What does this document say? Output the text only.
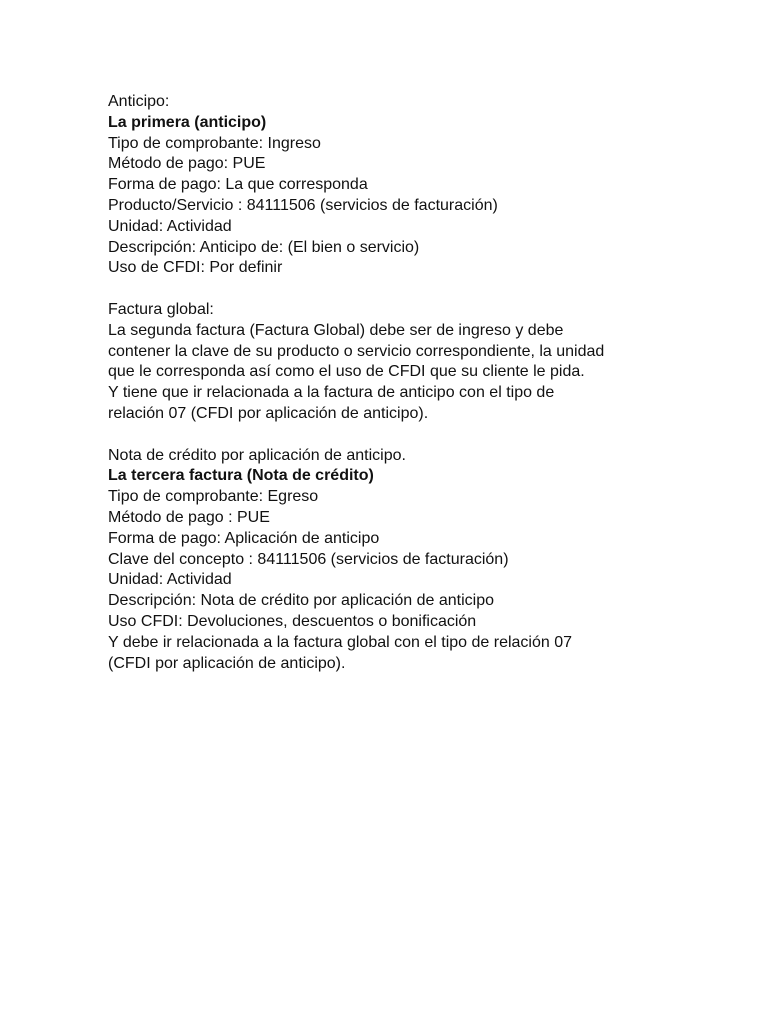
Anticipo:
La primera (anticipo)
Tipo de comprobante: Ingreso
Método de pago: PUE
Forma de pago: La que corresponda
Producto/Servicio : 84111506 (servicios de facturación)
Unidad: Actividad
Descripción: Anticipo de: (El bien o servicio)
Uso de CFDI: Por definir
Factura global:
La segunda factura (Factura Global) debe ser de ingreso y debe
contener la clave de su producto o servicio correspondiente, la unidad
que le corresponda así como el uso de CFDI que su cliente le pida.
Y tiene que ir relacionada a la factura de anticipo con el tipo de
relación 07 (CFDI por aplicación de anticipo).
Nota de crédito por aplicación de anticipo.
La tercera factura (Nota de crédito)
Tipo de comprobante: Egreso
Método de pago : PUE
Forma de pago: Aplicación de anticipo
Clave del concepto : 84111506 (servicios de facturación)
Unidad: Actividad
Descripción: Nota de crédito por aplicación de anticipo
Uso CFDI: Devoluciones, descuentos o bonificación
Y debe ir relacionada a la factura global con el tipo de relación 07
(CFDI por aplicación de anticipo).
